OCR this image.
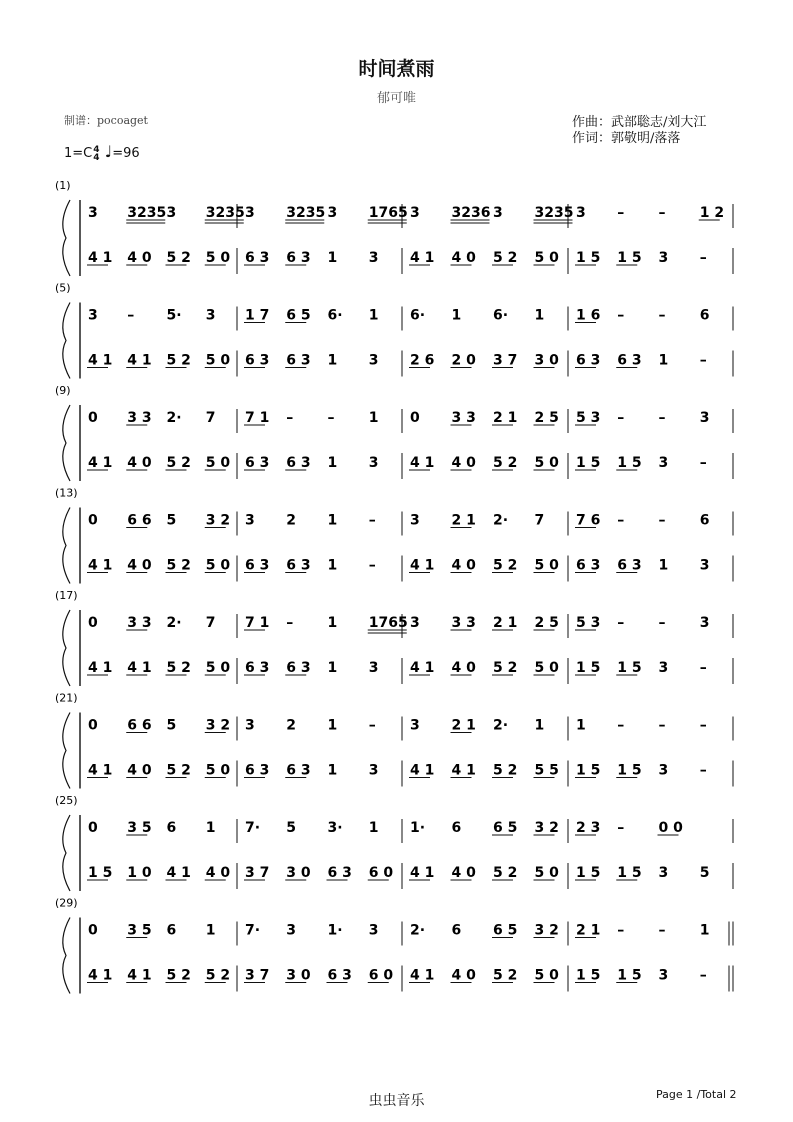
时间煮雨
郁可唯
制谱：pocoaget
1=C4
4 ♩=96
作曲：武部聡志/刘大江
作词：郭敬明/落落
(1)
3 3235 3 3235 3 3235 3 1765 3 3236 3 3235 3 – – 1 2
4 1 4 0 5 2 5 0 6 3 6 3 1 3 4 1 4 0 5 2 5 0 1 5 1 5 3 –
(5)
3 – 5· 3 1 7 6 5 6· 1 6· 1 6· 1 1 6 – – 6
4 1 4 1 5 2 5 0 6 3 6 3 1 3 2 6 2 0 3 7 3 0 6 3 6 3 1 –
(9)
0 3 3 2· 7 7 1 – – 1 0 3 3 2 1 2 5 5 3 – – 3
4 1 4 0 5 2 5 0 6 3 6 3 1 3 4 1 4 0 5 2 5 0 1 5 1 5 3 –
(13)
0 6 6 5 3 2 3 2 1 – 3 2 1 2· 7 7 6 – – 6
4 1 4 0 5 2 5 0 6 3 6 3 1 – 4 1 4 0 5 2 5 0 6 3 6 3 1 3
(17)
0 3 3 2· 7 7 1 – 1 1765 3 3 3 2 1 2 5 5 3 – – 3
4 1 4 1 5 2 5 0 6 3 6 3 1 3 4 1 4 0 5 2 5 0 1 5 1 5 3 –
(21)
0 6 6 5 3 2 3 2 1 – 3 2 1 2· 1 1 – – –
4 1 4 0 5 2 5 0 6 3 6 3 1 3 4 1 4 1 5 2 5 5 1 5 1 5 3 –
(25)
0 3 5 6 1 7· 5 3· 1 1· 6 6 5 3 2 2 3 – 0 0
1 5 1 0 4 1 4 0 3 7 3 0 6 3 6 0 4 1 4 0 5 2 5 0 1 5 1 5 3 5
(29)
0 3 5 6 1 7· 3 1· 3 2· 6 6 5 3 2 2 1 – – 1
4 1 4 1 5 2 5 2 3 7 3 0 6 3 6 0 4 1 4 0 5 2 5 0 1 5 1 5 3 –
虫虫音乐	Page 1 /Total 2
